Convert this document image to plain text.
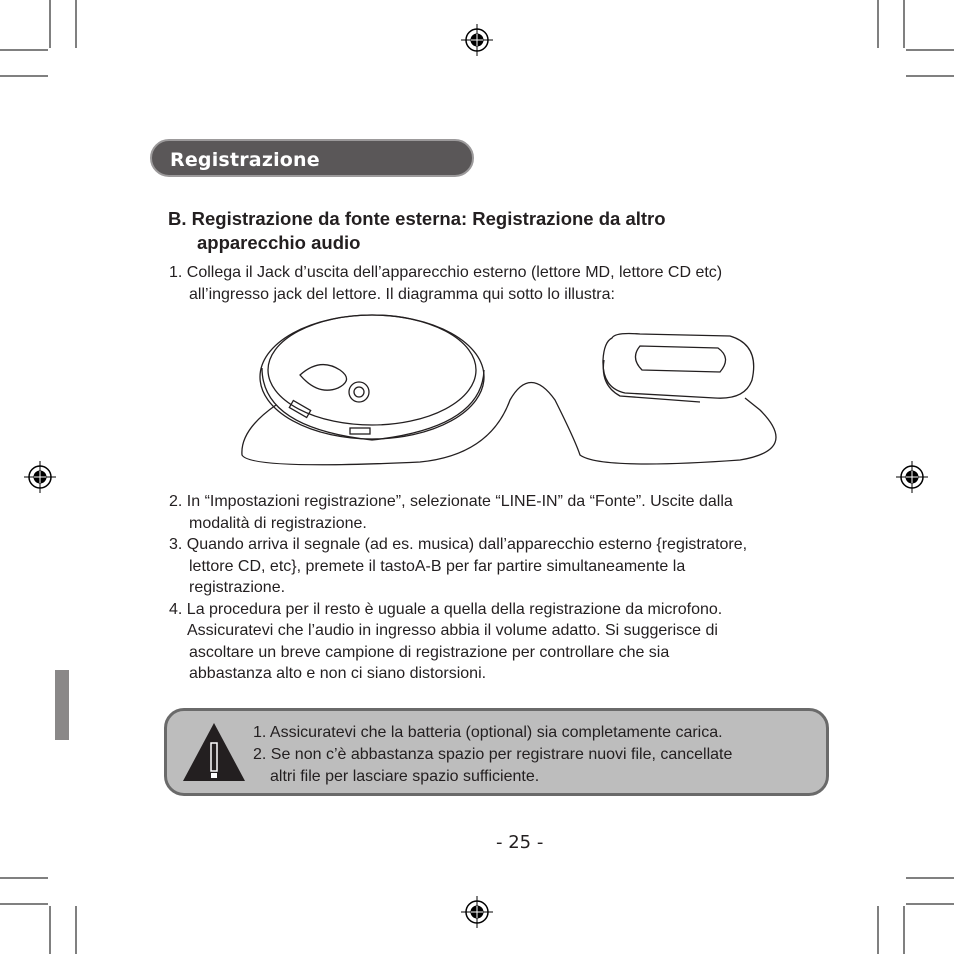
Registrazione
B. Registrazione da fonte esterna: Registrazione da altro
apparecchio audio
1. Collega il Jack d’uscita dell’apparecchio esterno (lettore MD, lettore CD etc)
all’ingresso jack del lettore. Il diagramma qui sotto lo illustra:
2. In “Impostazioni registrazione”, selezionate “LINE-IN” da “Fonte”. Uscite dalla
modalità di registrazione.
3. Quando arriva il segnale (ad es. musica) dall’apparecchio esterno {registratore,
lettore CD, etc}, premete il tastoA-B per far partire simultaneamente la
registrazione.
4. La procedura per il resto è uguale a quella della registrazione da microfono.
Assicuratevi che l’audio in ingresso abbia il volume adatto. Si suggerisce di
ascoltare un breve campione di registrazione per controllare che sia
abbastanza alto e non ci siano distorsioni.
1. Assicuratevi che la batteria (optional) sia completamente carica.
2. Se non c’è abbastanza spazio per registrare nuovi file, cancellate
altri file per lasciare spazio sufficiente.
- 25 -
